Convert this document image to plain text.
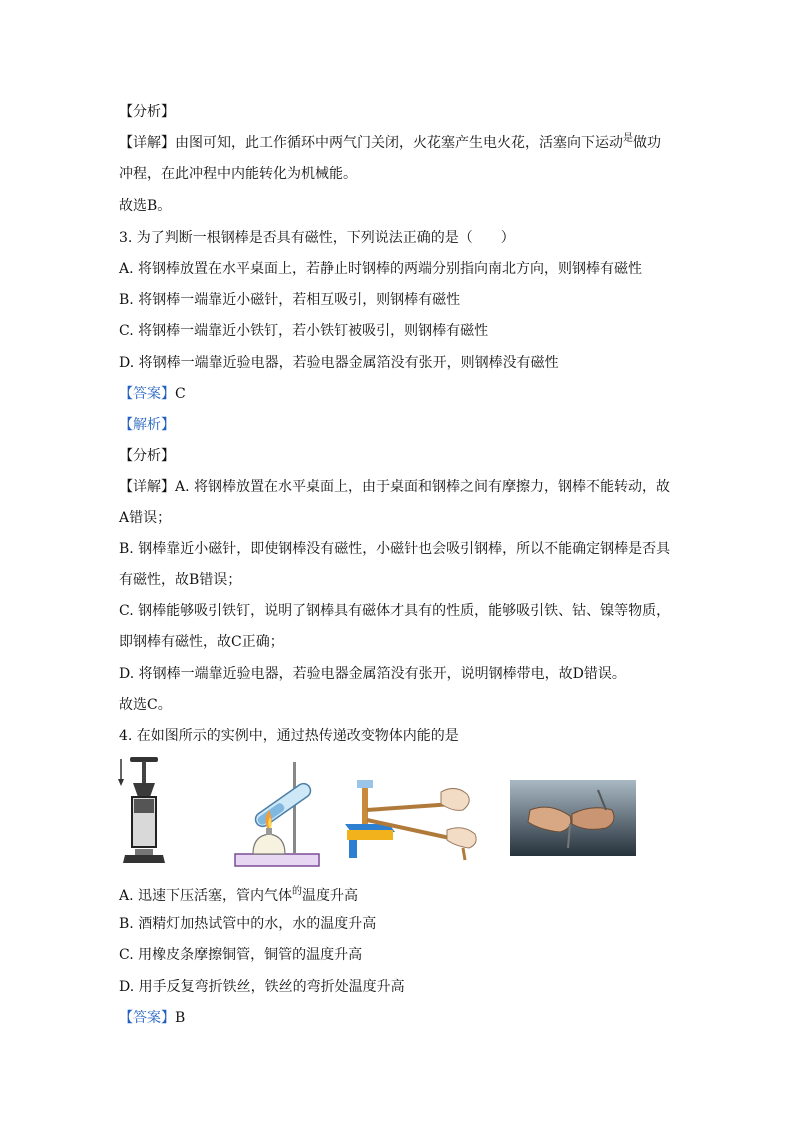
【分析】
【详解】由图可知，此工作循环中两气门关闭，火花塞产生电火花，活塞向下运动$^是$做功
冲程，在此冲程中内能转化为机械能。
故选B。
3. 为了判断一根钢棒是否具有磁性，下列说法正确的是（　　）
A. 将钢棒放置在水平桌面上，若静止时钢棒的两端分别指向南北方向，则钢棒有磁性
B. 将钢棒一端靠近小磁针，若相互吸引，则钢棒有磁性
C. 将钢棒一端靠近小铁钉，若小铁钉被吸引，则钢棒有磁性
D. 将钢棒一端靠近验电器，若验电器金属箔没有张开，则钢棒没有磁性
【答案】C
【解析】
【分析】
【详解】A. 将钢棒放置在水平桌面上，由于桌面和钢棒之间有摩擦力，钢棒不能转动，故
A错误；
B. 钢棒靠近小磁针，即使钢棒没有磁性，小磁针也会吸引钢棒，所以不能确定钢棒是否具
有磁性，故B错误；
C. 钢棒能够吸引铁钉，说明了钢棒具有磁体才具有的性质，能够吸引铁、钴、镍等物质，
即钢棒有磁性，故C正确；
D. 将钢棒一端靠近验电器，若验电器金属箔没有张开，说明钢棒带电，故D错误。
故选C。
4. 在如图所示的实例中，通过热传递改变物体内能的是
A. 迅速下压活塞，管内气体$^的$温度升高
B. 酒精灯加热试管中的水，水的温度升高
C. 用橡皮条摩擦铜管，铜管的温度升高
D. 用手反复弯折铁丝，铁丝的弯折处温度升高
【答案】B
